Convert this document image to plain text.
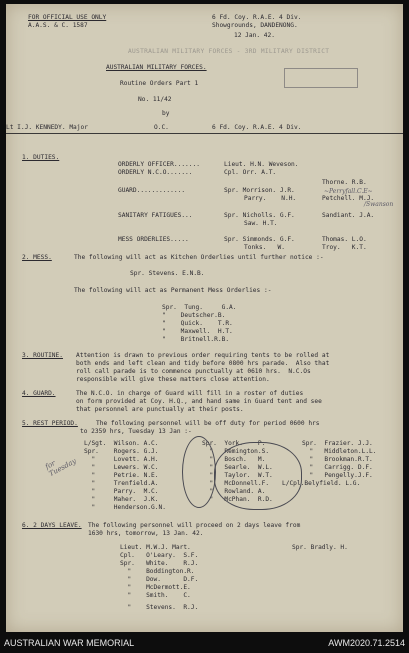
FOR OFFICIAL USE ONLY
A.A.S. & C. 1587
6 Fd. Coy. R.A.E. 4 Div.
Showgrounds, DANDENONG.
12 Jan. 42.
AUSTRALIAN MILITARY FORCES - 3RD MILITARY DISTRICT
AUSTRALIAN MILITARY FORCES.
Routine Orders Part 1
No. 11/42
by
Lt I.J. KENNEDY. Major	O.C.	6 Fd. Coy. R.A.E. 4 Div.
1. DUTIES.
ORDERLY OFFICER.......	Lieut. H.N. Weveson.
ORDERLY N.C.O.......	Cpl. Orr. A.T.
GUARD.............	Spr. Morrison. J.R.
Parry.    N.H.
Thorne. R.B.
Petchell. M.J.
~Perryfall.C.E~
/Swanson
SANITARY FATIGUES...	Spr. Nicholls. G.F.
Saw. H.T.
Sandiant. J.A.
MESS ORDERLIES.....	Spr. Simmonds. G.F.
Tonks.   W.
Thomas. L.O.
Troy.   K.T.
2. MESS.	The following will act as Kitchen Orderlies until further notice :-
Spr. Stevens. E.N.B.
The following will act as Permanent Mess Orderlies :-
Spr.  Tung.     G.A.
"    Deutscher.B.
"    Quick.    T.R.
"    Maxwell.  H.T.
"    Britnell.R.B.
3. ROUTINE. Attention is drawn to previous order requiring tents to be rolled at
both ends and left clean and tidy before 0800 hrs parade.  Also that
roll call parade is to commence punctually at 0610 hrs.  N.C.Os
responsible will give these matters close attention.
4. GUARD.	The N.C.O. in charge of Guard will fill in a roster of duties
on form provided at Coy. H.Q., and hand same in Guard tent and see
that personnel are punctually at their posts.
5. REST PERIOD.	The following personnel will be off duty for period 0600 hrs
to 2359 hrs, Tuesday 13 Jan :-
L/Sgt.  Wilson. A.C.
Spr.    Rogers. G.J.
"     Lovett. A.H.
"     Lewers. W.C.
"     Petrie. N.E.
"     Trenfield.A.
"     Parry.  M.C.
"     Maher.  J.K.
"     Henderson.G.N.
Spr.  York.    P.
"   Remington.S.
"   Bosch.   M.
"   Searle.  W.L.
"   Taylor.  W.T.
"   McDonnell.F.
"   Rowland. A.
"   McPhan.  R.D.
Spr.  Frazier. J.J.
"   Middleton.L.L.
"   Brookman.R.T.
"   Carrigg. D.F.
"   Pengelly.J.F.
L/Cpl.Belyfield. L.G.
for
Tuesday
6. 2 DAYS LEAVE. The following personnel will proceed on 2 days leave from
1630 hrs, tomorrow, 13 Jan. 42.
Lieut. M.W.J. Mart.
Cpl.   O'Leary.  S.F.
Spr.   White.    R.J.
"    Boddington.R.
"    Dow.      D.F.
"    McDermott.E.
"    Smith.    C.
"    Stevens.  R.J.
Spr. Bradly. H.
AUSTRALIAN WAR MEMORIAL	AWM2020.71.2514
